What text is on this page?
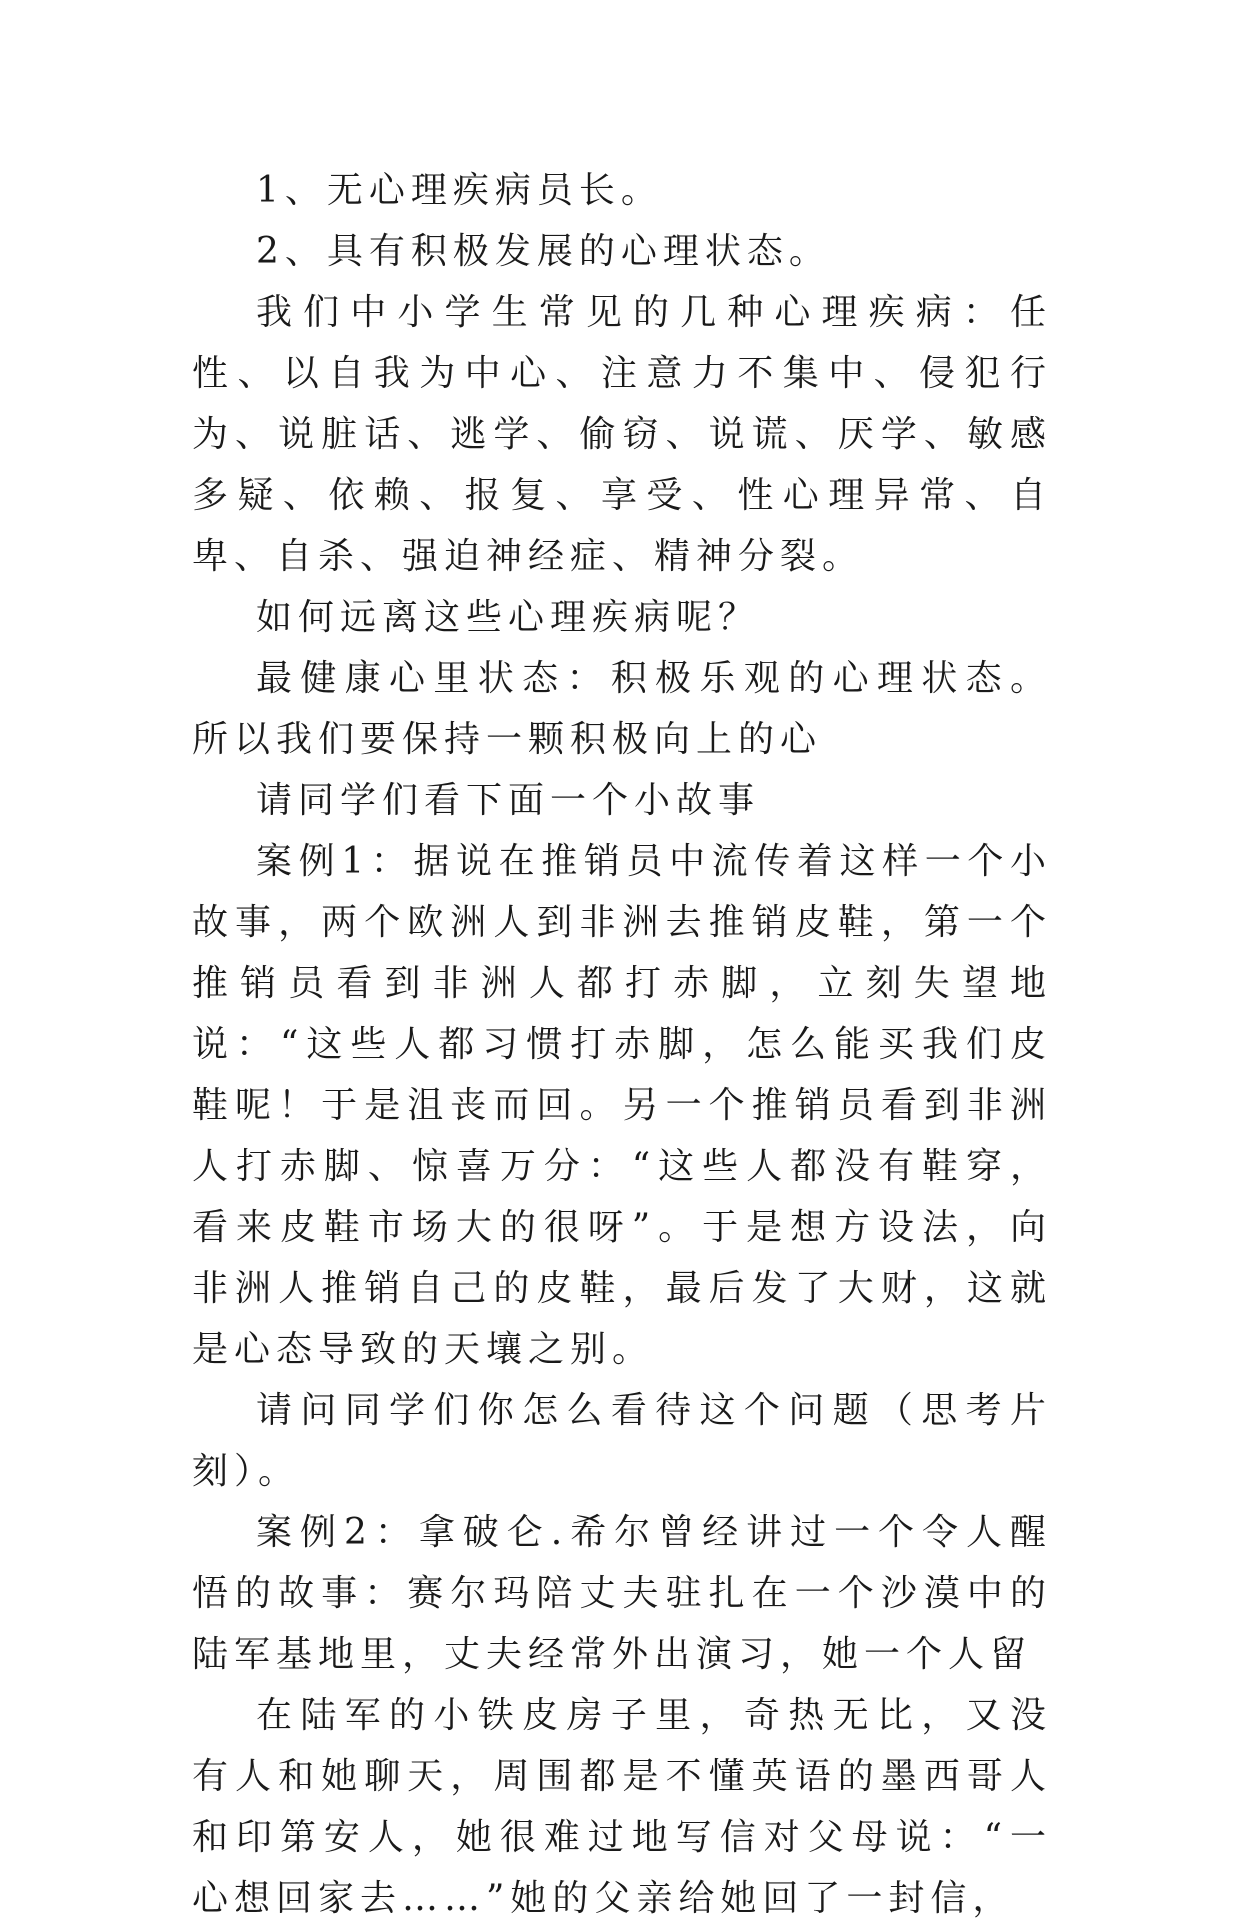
1、无心理疾病员长。

2、具有积极发展的心理状态。

我们中小学生常见的几种心理疾病：任性、以自我为中心、注意力不集中、侵犯行为、说脏话、逃学、偷窃、说谎、厌学、敏感多疑、依赖、报复、享受、性心理异常、自卑、自杀、强迫神经症、精神分裂。

如何远离这些心理疾病呢？

最健康心里状态：积极乐观的心理状态。所以我们要保持一颗积极向上的心

请同学们看下面一个小故事

案例1：据说在推销员中流传着这样一个小故事，两个欧洲人到非洲去推销皮鞋，第一个推销员看到非洲人都打赤脚，立刻失望地说：“这些人都习惯打赤脚，怎么能买我们皮鞋呢！于是沮丧而回。另一个推销员看到非洲人打赤脚、惊喜万分：“这些人都没有鞋穿，看来皮鞋市场大的很呀”。于是想方设法，向非洲人推销自己的皮鞋，最后发了大财，这就是心态导致的天壤之别。

请问同学们你怎么看待这个问题（思考片刻）。

案例2：拿破仑.希尔曾经讲过一个令人醒悟的故事：赛尔玛陪丈夫驻扎在一个沙漠中的陆军基地里，丈夫经常外出演习，她一个人留

在陆军的小铁皮房子里，奇热无比，又没有人和她聊天，周围都是不懂英语的墨西哥人和印第安人，她很难过地写信对父母说：“一心想回家去……”她的父亲给她回了一封信，
